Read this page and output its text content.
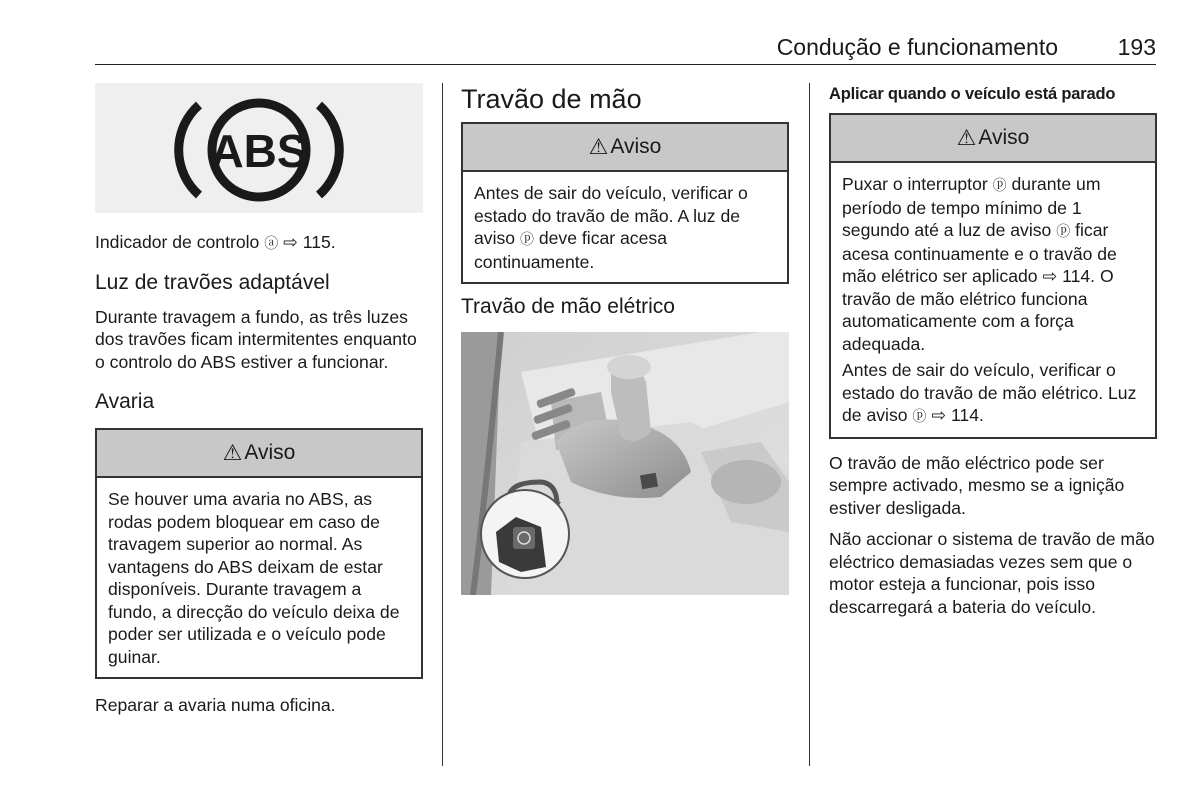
Condução e funcionamento	193
ABS

Indicador de controlo ⓐ ⇨ 115.

Luz de travões adaptável

Durante travagem a fundo, as três luzes dos travões ficam intermitentes enquanto o controlo do ABS estiver a funcionar.

Avaria
⚠ Aviso

Se houver uma avaria no ABS, as rodas podem bloquear em caso de travagem superior ao normal. As vantagens do ABS deixam de estar disponíveis. Durante travagem a fundo, a direcção do veículo deixa de poder ser utilizada e o veículo pode guinar.

Reparar a avaria numa oficina.

Travão de mão
⚠ Aviso

Antes de sair do veículo, verificar o estado do travão de mão. A luz de aviso ⓟ deve ficar acesa continuamente.

Travão de mão elétrico
Aplicar quando o veículo está parado
⚠ Aviso

Puxar o interruptor ⓟ durante um período de tempo mínimo de 1 segundo até a luz de aviso ⓟ ficar acesa continuamente e o travão de mão elétrico ser aplicado ⇨ 114. O travão de mão elétrico funciona automaticamente com a força adequada.

Antes de sair do veículo, verificar o estado do travão de mão elétrico. Luz de aviso ⓟ ⇨ 114.

O travão de mão eléctrico pode ser sempre activado, mesmo se a ignição estiver desligada.

Não accionar o sistema de travão de mão eléctrico demasiadas vezes sem que o motor esteja a funcionar, pois isso descarregará a bateria do veículo.
